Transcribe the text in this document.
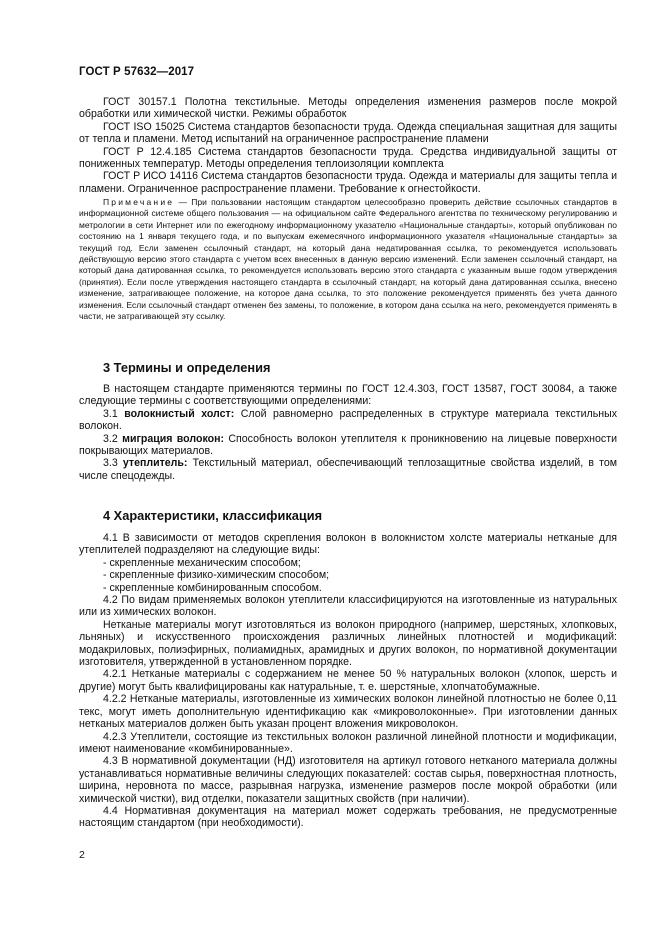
ГОСТ Р 57632—2017

ГОСТ 30157.1 Полотна текстильные. Методы определения изменения размеров после мокрой обработки или химической чистки. Режимы обработок

ГОСТ ISO 15025 Система стандартов безопасности труда. Одежда специальная защитная для защиты от тепла и пламени. Метод испытаний на ограниченное распространение пламени

ГОСТ Р 12.4.185 Система стандартов безопасности труда. Средства индивидуальной защиты от пониженных температур. Методы определения теплоизоляции комплекта

ГОСТ Р ИСО 14116 Система стандартов безопасности труда. Одежда и материалы для защиты тепла и пламени. Ограниченное распространение пламени. Требование к огнестойкости.

Примечание — При пользовании настоящим стандартом целесообразно проверить действие ссылочных стандартов в информационной системе общего пользования — на официальном сайте Федерального агентства по техническому регулированию и метрологии в сети Интернет или по ежегодному информационному указателю «Национальные стандарты», который опубликован по состоянию на 1 января текущего года, и по выпускам ежемесячного информационного указателя «Национальные стандарты» за текущий год. Если заменен ссылочный стандарт, на который дана недатированная ссылка, то рекомендуется использовать действующую версию этого стандарта с учетом всех внесенных в данную версию изменений. Если заменен ссылочный стандарт, на который дана датированная ссылка, то рекомендуется использовать версию этого стандарта с указанным выше годом утверждения (принятия). Если после утверждения настоящего стандарта в ссылочный стандарт, на который дана датированная ссылка, внесено изменение, затрагивающее положение, на которое дана ссылка, то это положение рекомендуется применять без учета данного изменения. Если ссылочный стандарт отменен без замены, то положение, в котором дана ссылка на него, рекомендуется применять в части, не затрагивающей эту ссылку.

3 Термины и определения

В настоящем стандарте применяются термины по ГОСТ 12.4.303, ГОСТ 13587, ГОСТ 30084, а также следующие термины с соответствующими определениями:

3.1 волокнистый холст: Слой равномерно распределенных в структуре материала текстильных волокон.

3.2 миграция волокон: Способность волокон утеплителя к проникновению на лицевые поверхности покрывающих материалов.

3.3 утеплитель: Текстильный материал, обеспечивающий теплозащитные свойства изделий, в том числе спецодежды.

4 Характеристики, классификация

4.1 В зависимости от методов скрепления волокон в волокнистом холсте материалы нетканые для утеплителей подразделяют на следующие виды:

- скрепленные механическим способом;

- скрепленные физико-химическим способом;

- скрепленные комбинированным способом.

4.2 По видам применяемых волокон утеплители классифицируются на изготовленные из натуральных или из химических волокон.

Нетканые материалы могут изготовляться из волокон природного (например, шерстяных, хлопковых, льняных) и искусственного происхождения различных линейных плотностей и модификаций: модакриловых, полиэфирных, полиамидных, арамидных и других волокон, по нормативной документации изготовителя, утвержденной в установленном порядке.

4.2.1 Нетканые материалы с содержанием не менее 50 % натуральных волокон (хлопок, шерсть и другие) могут быть квалифицированы как натуральные, т. е. шерстяные, хлопчатобумажные.

4.2.2 Нетканые материалы, изготовленные из химических волокон линейной плотностью не более 0,11 текс, могут иметь дополнительную идентификацию как «микроволоконные». При изготовлении данных нетканых материалов должен быть указан процент вложения микроволокон.

4.2.3 Утеплители, состоящие из текстильных волокон различной линейной плотности и модификации, имеют наименование «комбинированные».

4.3 В нормативной документации (НД) изготовителя на артикул готового нетканого материала должны устанавливаться нормативные величины следующих показателей: состав сырья, поверхностная плотность, ширина, неровнота по массе, разрывная нагрузка, изменение размеров после мокрой обработки (или химической чистки), вид отделки, показатели защитных свойств (при наличии).

4.4 Нормативная документация на материал может содержать требования, не предусмотренные настоящим стандартом (при необходимости).

2
